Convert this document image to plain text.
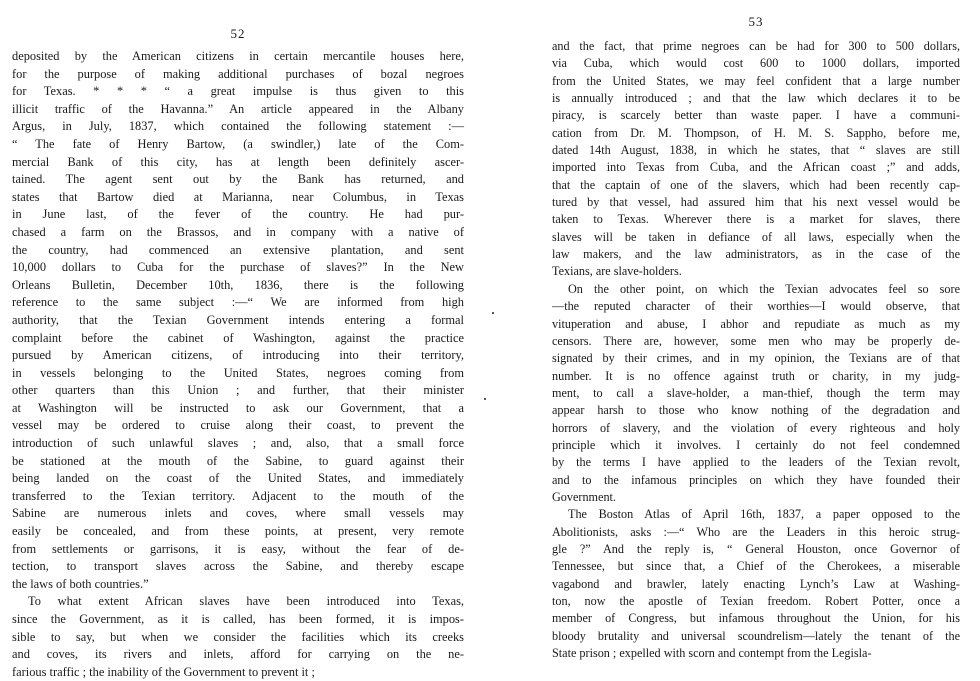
52
deposited by the American citizens in certain mercantile houses here,
for the purpose of making additional purchases of bozal negroes
for Texas. * * * “ a great impulse is thus given to this
illicit traffic of the Havanna.” An article appeared in the Albany
Argus, in July, 1837, which contained the following statement :—
“ The fate of Henry Bartow, (a swindler,) late of the Com-
mercial Bank of this city, has at length been definitely ascer-
tained. The agent sent out by the Bank has returned, and
states that Bartow died at Marianna, near Columbus, in Texas
in June last, of the fever of the country. He had pur-
chased a farm on the Brassos, and in company with a native of
the country, had commenced an extensive plantation, and sent
10,000 dollars to Cuba for the purchase of slaves?” In the New
Orleans Bulletin, December 10th, 1836, there is the following
reference to the same subject :—“ We are informed from high
authority, that the Texian Government intends entering a formal
complaint before the cabinet of Washington, against the practice
pursued by American citizens, of introducing into their territory,
in vessels belonging to the United States, negroes coming from
other quarters than this Union ; and further, that their minister
at Washington will be instructed to ask our Government, that a
vessel may be ordered to cruise along their coast, to prevent the
introduction of such unlawful slaves ; and, also, that a small force
be stationed at the mouth of the Sabine, to guard against their
being landed on the coast of the United States, and immediately
transferred to the Texian territory. Adjacent to the mouth of the
Sabine are numerous inlets and coves, where small vessels may
easily be concealed, and from these points, at present, very remote
from settlements or garrisons, it is easy, without the fear of de-
tection, to transport slaves across the Sabine, and thereby escape
the laws of both countries.”
To what extent African slaves have been introduced into Texas,
since the Government, as it is called, has been formed, it is impos-
sible to say, but when we consider the facilities which its creeks
and coves, its rivers and inlets, afford for carrying on the ne-
farious traffic ; the inability of the Government to prevent it ;
53
and the fact, that prime negroes can be had for 300 to 500 dollars,
via Cuba, which would cost 600 to 1000 dollars, imported
from the United States, we may feel confident that a large number
is annually introduced ; and that the law which declares it to be
piracy, is scarcely better than waste paper. I have a communi-
cation from Dr. M. Thompson, of H. M. S. Sappho, before me,
dated 14th August, 1838, in which he states, that “ slaves are still
imported into Texas from Cuba, and the African coast ;” and adds,
that the captain of one of the slavers, which had been recently cap-
tured by that vessel, had assured him that his next vessel would be
taken to Texas. Wherever there is a market for slaves, there
slaves will be taken in defiance of all laws, especially when the
law makers, and the law administrators, as in the case of the
Texians, are slave-holders.
On the other point, on which the Texian advocates feel so sore
—the reputed character of their worthies—I would observe, that
vituperation and abuse, I abhor and repudiate as much as my
censors. There are, however, some men who may be properly de-
signated by their crimes, and in my opinion, the Texians are of that
number. It is no offence against truth or charity, in my judg-
ment, to call a slave-holder, a man-thief, though the term may
appear harsh to those who know nothing of the degradation and
horrors of slavery, and the violation of every righteous and holy
principle which it involves. I certainly do not feel condemned
by the terms I have applied to the leaders of the Texian revolt,
and to the infamous principles on which they have founded their
Government.
The Boston Atlas of April 16th, 1837, a paper opposed to the
Abolitionists, asks :—“ Who are the Leaders in this heroic strug-
gle ?” And the reply is, “ General Houston, once Governor of
Tennessee, but since that, a Chief of the Cherokees, a miserable
vagabond and brawler, lately enacting Lynch’s Law at Washing-
ton, now the apostle of Texian freedom. Robert Potter, once a
member of Congress, but infamous throughout the Union, for his
bloody brutality and universal scoundrelism—lately the tenant of the
State prison ; expelled with scorn and contempt from the Legisla-
